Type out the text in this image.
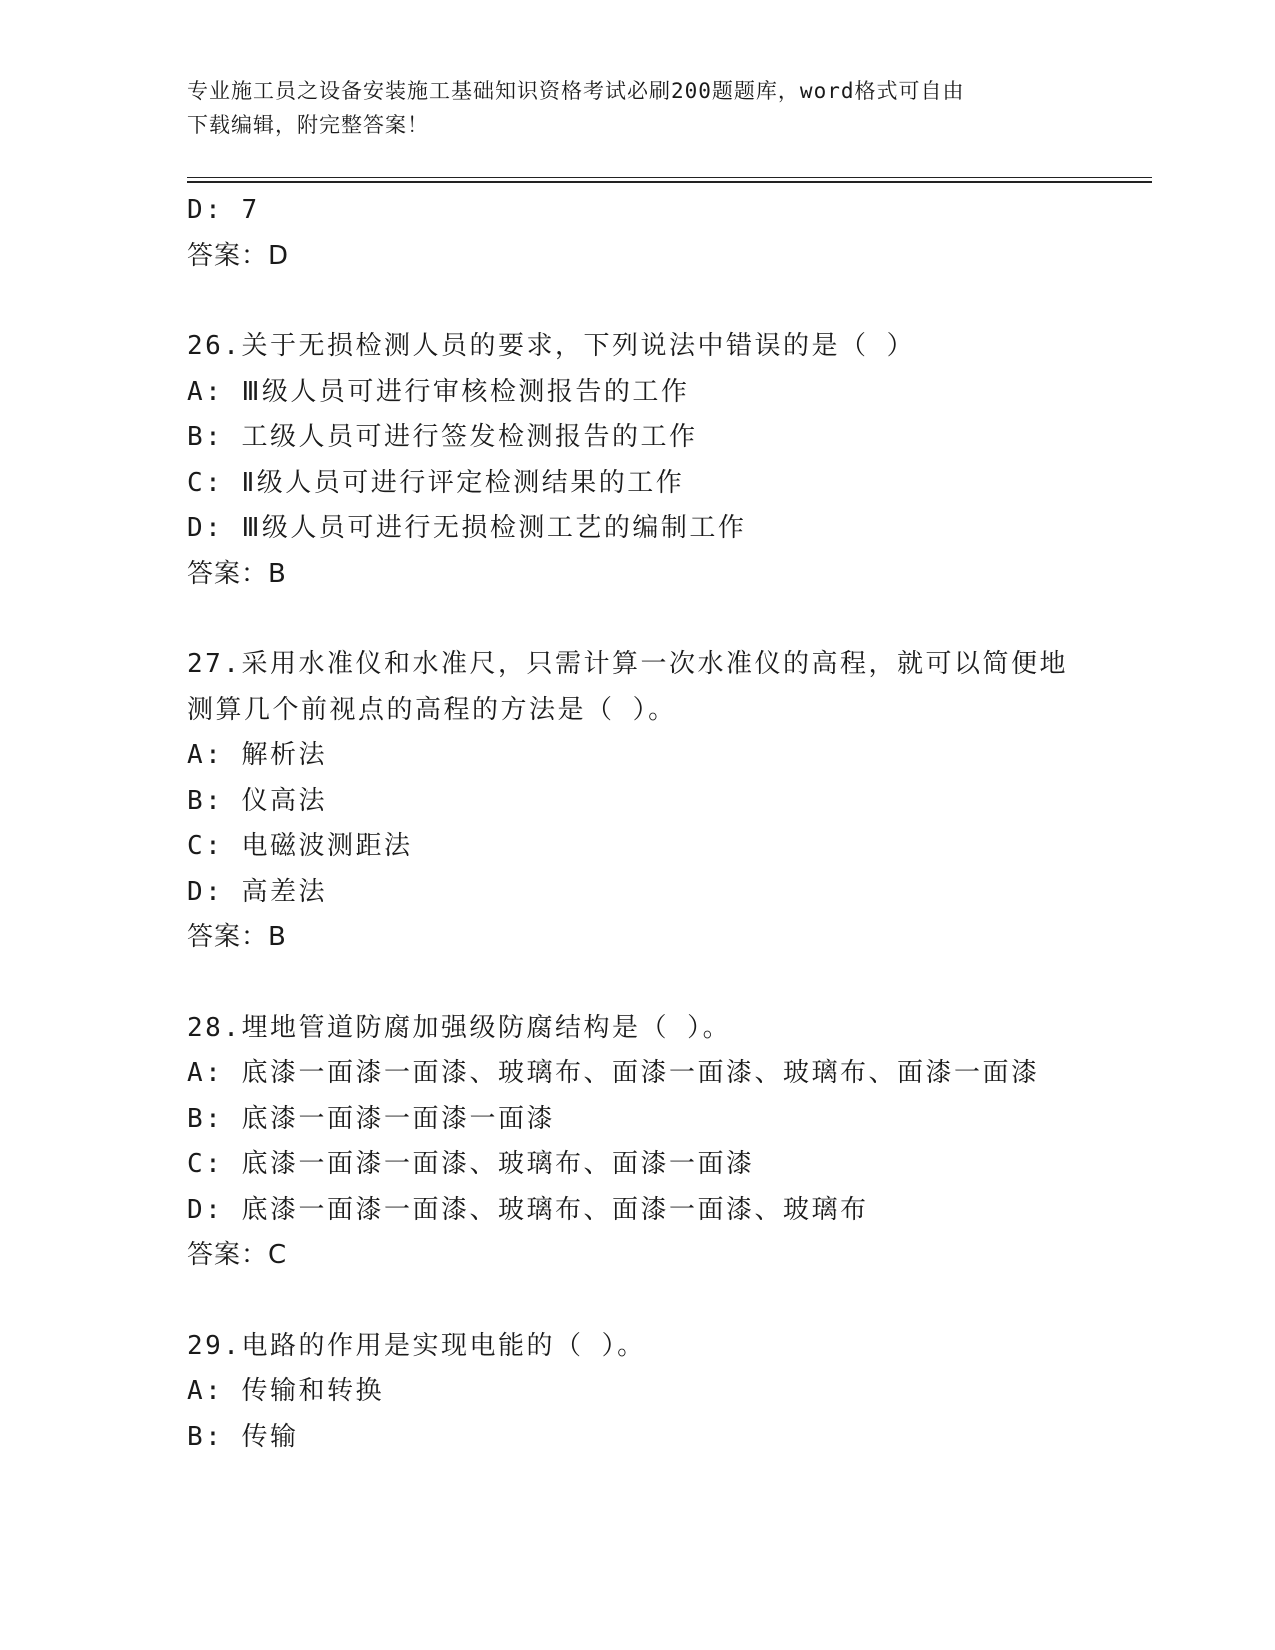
专业施工员之设备安装施工基础知识资格考试必刷200题题库，word格式可自由
下载编辑，附完整答案！
D: 7
答案：D
26.关于无损检测人员的要求，下列说法中错误的是（ ）
A: Ⅲ级人员可进行审核检测报告的工作
B: 工级人员可进行签发检测报告的工作
C: Ⅱ级人员可进行评定检测结果的工作
D: Ⅲ级人员可进行无损检测工艺的编制工作
答案：B
27.采用水准仪和水准尺，只需计算一次水准仪的高程，就可以简便地
测算几个前视点的高程的方法是（ ）。
A: 解析法
B: 仪高法
C: 电磁波测距法
D: 高差法
答案：B
28.埋地管道防腐加强级防腐结构是（ ）。
A: 底漆一面漆一面漆、玻璃布、面漆一面漆、玻璃布、面漆一面漆
B: 底漆一面漆一面漆一面漆
C: 底漆一面漆一面漆、玻璃布、面漆一面漆
D: 底漆一面漆一面漆、玻璃布、面漆一面漆、玻璃布
答案：C
29.电路的作用是实现电能的（ ）。
A: 传输和转换
B: 传输
